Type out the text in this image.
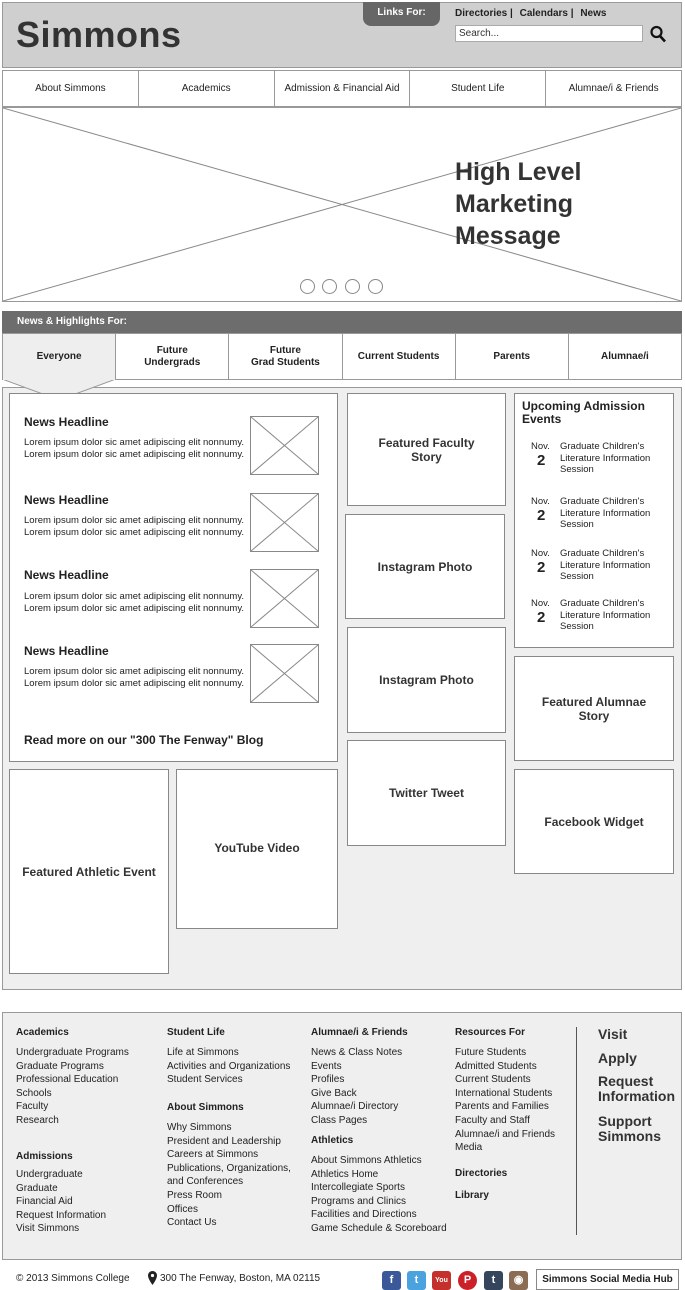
Simmons
Links For:	Directories | Calendars | News
Search...
About Simmons	Academics	Admission & Financial Aid	Student Life	Alumnae/i & Friends
High Level
Marketing
Message
News & Highlights For:
Everyone
Future
Undergrads
Future
Grad Students
Current Students	Parents	Alumnae/i
News Headline
Lorem ipsum dolor sic amet adipiscing elit nonnumy. Lorem ipsum dolor sic amet adipiscing elit nonnumy.
News Headline
Lorem ipsum dolor sic amet adipiscing elit nonnumy. Lorem ipsum dolor sic amet adipiscing elit nonnumy.
News Headline
Lorem ipsum dolor sic amet adipiscing elit nonnumy. Lorem ipsum dolor sic amet adipiscing elit nonnumy.
News Headline
Lorem ipsum dolor sic amet adipiscing elit nonnumy. Lorem ipsum dolor sic amet adipiscing elit nonnumy.
Read more on our "300 The Fenway" Blog
Featured Faculty
Story
Instagram Photo
Instagram Photo
Twitter Tweet
Featured Alumnae
Story
Facebook Widget
Featured Athletic Event
YouTube Video
Upcoming Admission
Events
Nov.
2
Graduate Children's Literature Information Session
Nov.
2
Graduate Children's Literature Information Session
Nov.
2
Graduate Children's Literature Information Session
Nov.
2
Graduate Children's Literature Information Session
Academics
Undergraduate Programs
Graduate Programs
Professional Education
Schools
Faculty
Research
Admissions
Undergraduate
Graduate
Financial Aid
Request Information
Visit Simmons
Student Life
Life at Simmons
Activities and Organizations
Student Services
About Simmons
Why Simmons
President and Leadership
Careers at Simmons
Publications, Organizations,
and Conferences
Press Room
Offices
Contact Us
Alumnae/i & Friends
News & Class Notes
Events
Profiles
Give Back
Alumnae/i Directory
Class Pages
Athletics
About Simmons Athletics
Athletics Home
Intercollegiate Sports
Programs and Clinics
Facilities and Directions
Game Schedule & Scoreboard
Resources For
Future Students
Admitted Students
Current Students
International Students
Parents and Families
Faculty and Staff
Alumnae/i and Friends
Media
Directories
Library
Visit
Apply
Request
Information
Support
Simmons
© 2013 Simmons College	300 The Fenway, Boston, MA 02115	f	t	You	P	t	◉	Simmons Social Media Hub
